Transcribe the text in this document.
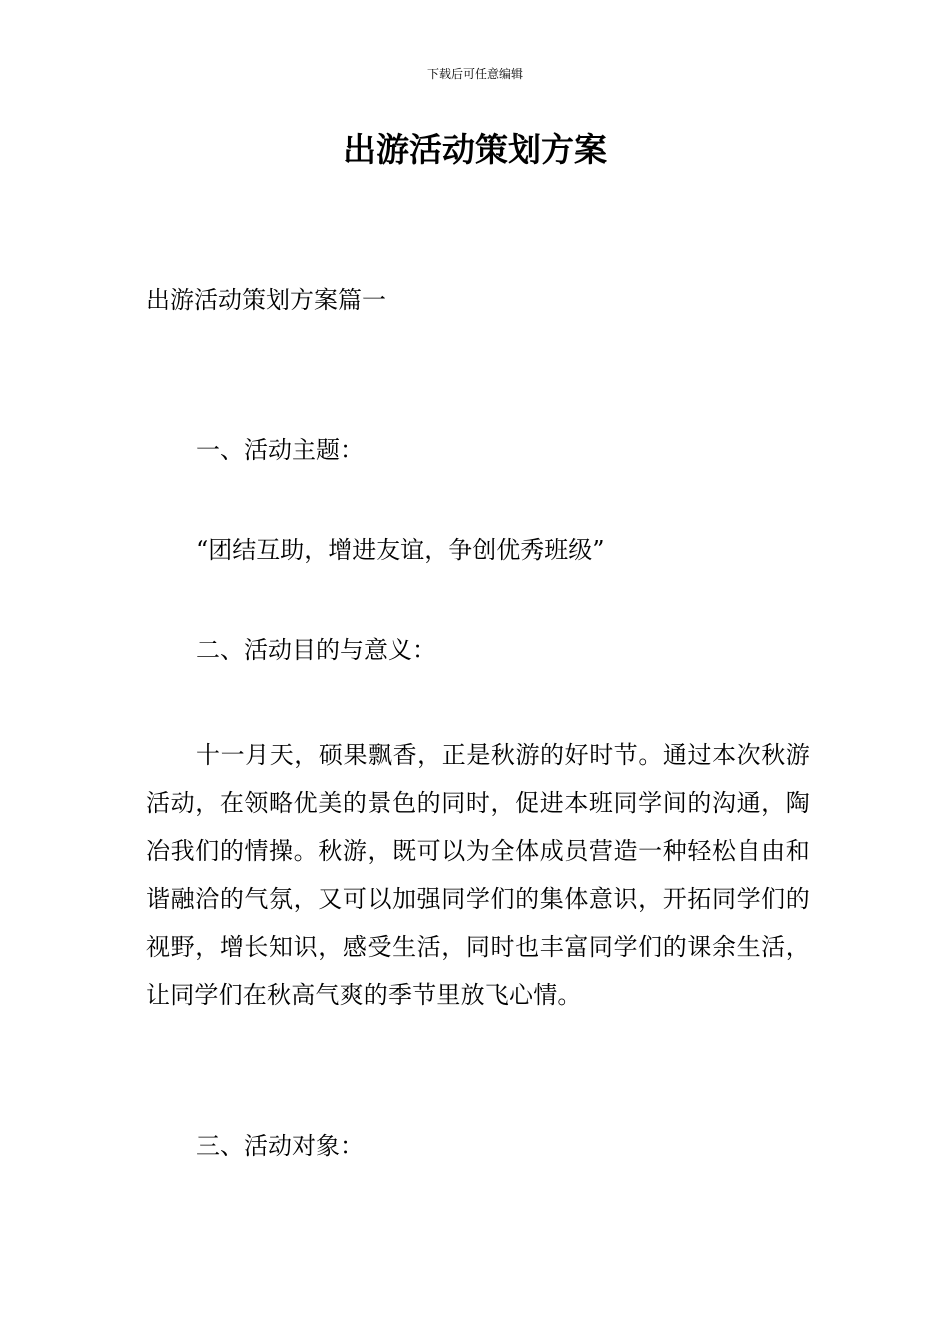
下载后可任意编辑
出游活动策划方案

出游活动策划方案篇一

一、活动主题：

“团结互助，增进友谊，争创优秀班级”

二、活动目的与意义：

十一月天，硕果飘香，正是秋游的好时节。通过本次秋游活动，在领略优美的景色的同时，促进本班同学间的沟通，陶冶我们的情操。秋游，既可以为全体成员营造一种轻松自由和谐融洽的气氛，又可以加强同学们的集体意识，开拓同学们的视野，增长知识，感受生活，同时也丰富同学们的课余生活，让同学们在秋高气爽的季节里放飞心情。

三、活动对象：
